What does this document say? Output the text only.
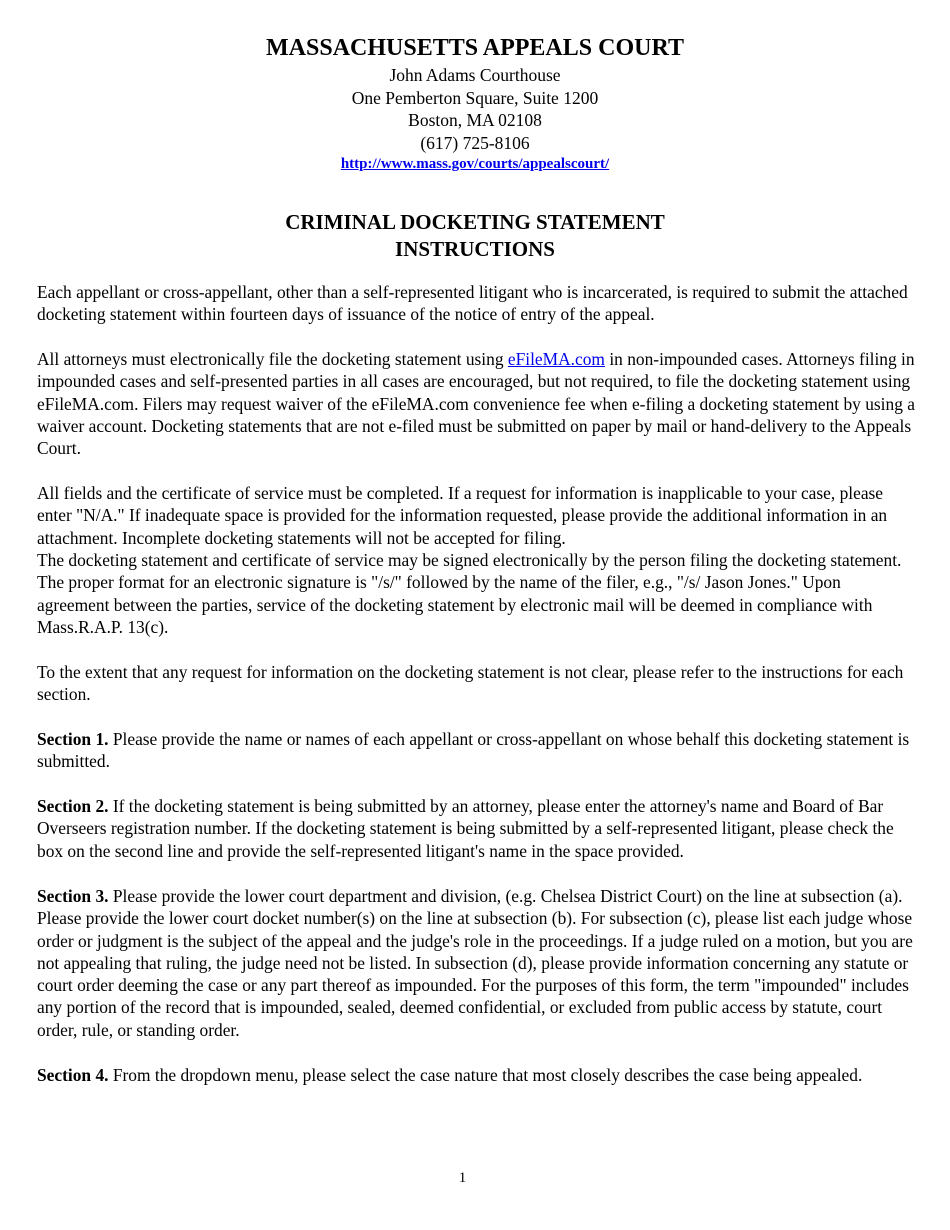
MASSACHUSETTS APPEALS COURT
John Adams Courthouse
One Pemberton Square, Suite 1200
Boston, MA 02108
(617) 725-8106
http://www.mass.gov/courts/appealscourt/
CRIMINAL DOCKETING STATEMENT
INSTRUCTIONS

Each appellant or cross-appellant, other than a self-represented litigant who is incarcerated, is required to submit the attached docketing statement within fourteen days of issuance of the notice of entry of the appeal.

All attorneys must electronically file the docketing statement using eFileMA.com in non-impounded cases. Attorneys filing in impounded cases and self-presented parties in all cases are encouraged, but not required, to file the docketing statement using eFileMA.com. Filers may request waiver of the eFileMA.com convenience fee when e-filing a docketing statement by using a waiver account. Docketing statements that are not e-filed must be submitted on paper by mail or hand-delivery to the Appeals Court.

All fields and the certificate of service must be completed. If a request for information is inapplicable to your case, please enter "N/A." If inadequate space is provided for the information requested, please provide the additional information in an attachment. Incomplete docketing statements will not be accepted for filing.

The docketing statement and certificate of service may be signed electronically by the person filing the docketing statement. The proper format for an electronic signature is "/s/" followed by the name of the filer, e.g., "/s/ Jason Jones." Upon agreement between the parties, service of the docketing statement by electronic mail will be deemed in compliance with Mass.R.A.P. 13(c).

To the extent that any request for information on the docketing statement is not clear, please refer to the instructions for each section.

Section 1. Please provide the name or names of each appellant or cross-appellant on whose behalf this docketing statement is submitted.

Section 2. If the docketing statement is being submitted by an attorney, please enter the attorney's name and Board of Bar Overseers registration number. If the docketing statement is being submitted by a self-represented litigant, please check the box on the second line and provide the self-represented litigant's name in the space provided.

Section 3. Please provide the lower court department and division, (e.g. Chelsea District Court) on the line at subsection (a). Please provide the lower court docket number(s) on the line at subsection (b). For subsection (c), please list each judge whose order or judgment is the subject of the appeal and the judge's role in the proceedings. If a judge ruled on a motion, but you are not appealing that ruling, the judge need not be listed. In subsection (d), please provide information concerning any statute or court order deeming the case or any part thereof as impounded. For the purposes of this form, the term "impounded" includes any portion of the record that is impounded, sealed, deemed confidential, or excluded from public access by statute, court order, rule, or standing order.

Section 4. From the dropdown menu, please select the case nature that most closely describes the case being appealed.

1
